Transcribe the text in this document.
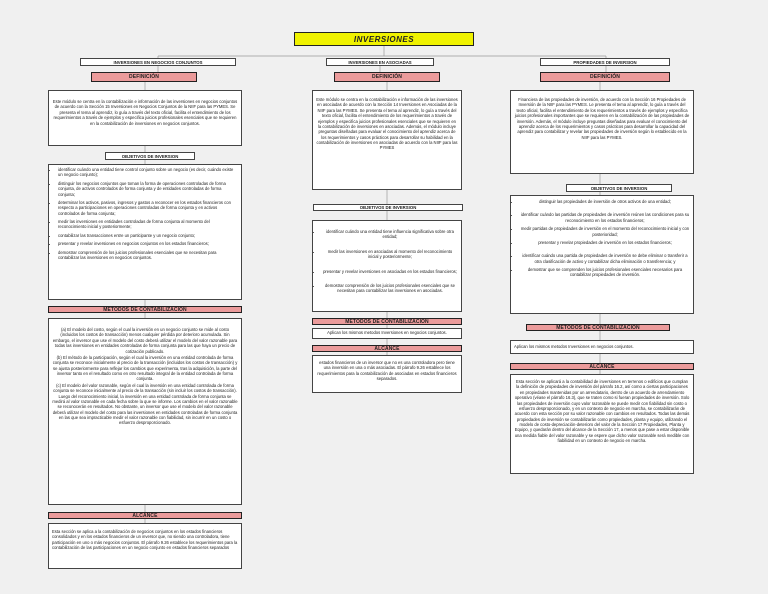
INVERSIONES
INVERSIONES EN NEGOCIOS CONJUNTOS
DEFINICIÓN
Este módulo se centra en la contabilización e información de las inversiones en negocios conjuntos de acuerdo con la Sección 15 Inversiones en Negocios Conjuntos de la NIIF para las PYMES. Se presenta el tema al aprendiz, lo guía a través del texto oficial, facilita el entendimiento de los requerimientos a través de ejemplos y especifica juicios profesionales esenciales que se requieren en la contabilización de inversiones en negocios conjuntos.
OBJETIVOS DE INVERSION
• identificar cuándo una entidad tiene control conjunto sobre un negocio (es decir, cuándo existe un negocio conjunto);
• distinguir los negocios conjuntos que toman la forma de operaciones controladas de forma conjunta, de activos controlados de forma conjunta y de entidades controladas de forma conjunta;
• determinar los activos, pasivos, ingresos y gastos a reconocer en los estados financieros con respecto a participaciones en operaciones controladas de forma conjunta y en activos controlados de forma conjunta;
• medir las inversiones en entidades controladas de forma conjunta al momento del reconocimiento inicial y posteriormente;
• contabilizar las transacciones entre un participante y un negocio conjunto;
• presentar y revelar inversiones en negocios conjuntos en los estados financieros;
• demostrar comprensión de los juicios profesionales esenciales que se necesitan para contabilizar las inversiones en negocios conjuntos.
METODOS DE CONTABILIZACION

(a) El modelo del costo, según el cual la inversión en un negocio conjunto se mide al costo (incluidos los costos de transacción) menos cualquier pérdida por deterioro acumulada. Sin embargo, el inversor que use el modelo del costo deberá utilizar el modelo del valor razonable para todas las inversiones en entidades controladas de forma conjunta para las que haya un precio de cotización publicado.

(b) El método de la participación, según el cual la inversión en una entidad controlada de forma conjunta se reconoce inicialmente al precio de la transacción (incluidos los costos de transacción) y se ajusta posteriormente para reflejar los cambios que experimenta, tras la adquisición, la parte del inversor tanto en el resultado como en otro resultado integral de la entidad controlada de forma conjunta.

(c) El modelo del valor razonable, según el cual la inversión en una entidad controlada de forma conjunta se reconoce inicialmente al precio de la transacción (sin incluir los costos de transacción). Luego del reconocimiento inicial, la inversión en una entidad controlada de forma conjunta se medirá al valor razonable en cada fecha sobre la que se informe. Los cambios en el valor razonable se reconocerán en resultados. No obstante, un inversor que use el modelo del valor razonable deberá utilizar el modelo del costo para las inversiones en entidades controladas de forma conjunta en las que sea impracticable medir el valor razonable con fiabilidad, sin incurrir en un costo o esfuerzo desproporcionado.

ALCANCE
Esta sección se aplica a la contabilización de negocios conjuntos en los estados financieros consolidados y en los estados financieros de un inversor que, no siendo una controladora, tiene participación en uno o más negocios conjuntos. El párrafo 9.26 establece los requerimientos para la contabilización de las participaciones en un negocio conjunto en estados financieros separados
INVERSIONES EN ASOCIADAS
DEFINICIÓN
Este módulo se centra en la contabilización e información de las inversiones en asociadas de acuerdo con la Sección 14 Inversiones en Asociadas de la NIIF para las PYMES. Se presenta el tema al aprendiz, lo guía a través del texto oficial, facilita el entendimiento de los requerimientos a través de ejemplos y especifica juicios profesionales esenciales que se requieren en la contabilización de inversiones en asociadas. Además, el módulo incluye preguntas diseñadas para evaluar el conocimiento del aprendiz acerca de los requerimientos y casos prácticos para desarrollar su habilidad en la contabilización de inversiones en asociadas de acuerdo con la NIIF para las PYMES
OBJETIVOS DE INVERSION
• identificar cuándo una entidad tiene influencia significativa sobre otra entidad;
• medir las inversiones en asociadas al momento del reconocimiento inicial y posteriormente;
• presentar y revelar inversiones en asociadas en los estados financieros;
• demostrar comprensión de los juicios profesionales esenciales que se necesitan para contabilizar las inversiones en asociadas.
METODOS DE CONTABILIZACION
Aplican los mismos metodos Inversiones en negocios conjuntos.
ALCANCE
estados financieros de un inversor que no es una controladora pero tiene una inversión en una o más asociadas. El párrafo 9.26 establece los requerimientos para la contabilización de asociadas en estados financieros separados.
PROPIEDADES DE INVERSION
DEFINICIÓN
Financiera de las propiedades de inversión, de acuerdo con la Sección 16 Propiedades de Inversión de la NIIF para las PYMES. Le presenta el tema al aprendiz, lo guía a través del texto oficial, facilita el entendimiento de los requerimientos a través de ejemplos y especifica juicios profesionales importantes que se requieren en la contabilización de las propiedades de inversión. Además, el módulo incluye preguntas diseñadas para evaluar el conocimiento del aprendiz acerca de los requerimientos y casos prácticos para desarrollar la capacidad del aprendiz para contabilizar y revelar las propiedades de inversión según lo establecido en la NIIF para las PYMES.
OBJETIVOS DE INVERSION
• distinguir las propiedades de inversión de otros activos de una entidad;
• identificar cuándo las partidas de propiedades de inversión reúnen las condiciones para su reconocimiento en los estados financieros;
• medir partidas de propiedades de inversión en el momento del reconocimiento inicial y con posterioridad;
• presentar y revelar propiedades de inversión en los estados financieros;
• identificar cuándo una partida de propiedades de inversión se debe eliminar o transferir a otra clasificación de activo y contabilizar dicha eliminación o transferencia; y
• demostrar que se comprenden los juicios profesionales esenciales necesarios para contabilizar propiedades de inversión.
METODOS DE CONTABILIZACION
Aplican los mismos metodos Inversiones en negocios conjuntos.
ALCANCE
Esta sección se aplicará a la contabilidad de inversiones en terrenos o edificios que cumplan la definición de propiedades de inversión del párrafo 16.2, así como a ciertas participaciones en propiedades mantenidas por un arrendatario, dentro de un acuerdo de arrendamiento operativo (véase el párrafo 16.3), que se traten como si fueran propiedades de inversión. Solo las propiedades de inversión cuyo valor razonable se puede medir con fiabilidad sin costo o esfuerzo desproporcionado, y en un contexto de negocio en marcha, se contabilizarán de acuerdo con esta sección por su valor razonable con cambios en resultados. Todas las demás propiedades de inversión se contabilizarán como propiedades, planta y equipo, utilizando el modelo de costo-depreciación-deterioro del valor de la Sección 17 Propiedades, Planta y Equipo, y quedarán dentro del alcance de la Sección 17, a menos que pase a estar disponible una medida fiable del valor razonable y se espere que dicho valor razonable será medible con fiabilidad en un contexto de negocio en marcha.
